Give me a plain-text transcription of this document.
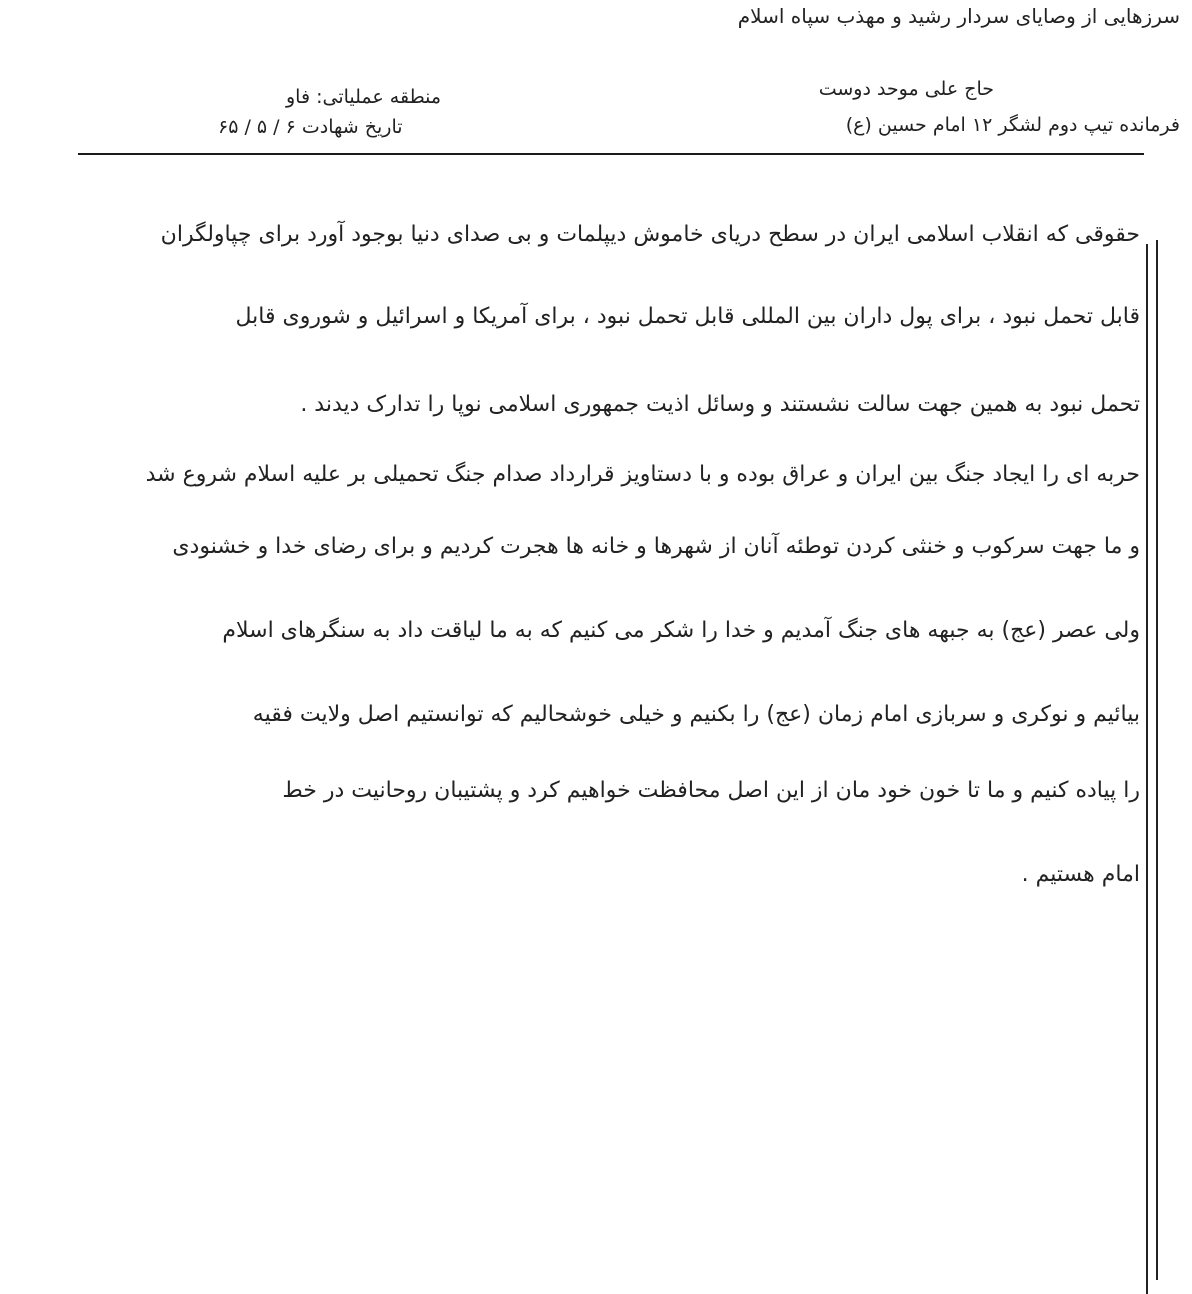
سرزهایی از وصایای سردار رشید و مهذب سپاه اسلام
حاج علی موحد دوست
فرمانده تیپ دوم لشگر ۱۲ امام حسین (ع)
منطقه عملیاتی: فاو
تاریخ شهادت ۶ / ۵ / ۶۵
حقوقی که انقلاب اسلامی ایران در سطح دریای خاموش دیپلمات و بی صدای دنیا بوجود آورد برای چپاولگران
قابل تحمل نبود ، برای پول داران بین المللی قابل تحمل نبود ، برای آمریکا و اسرائیل و شوروی قابل
تحمل نبود به همین جهت سالت نشستند و وسائل اذیت جمهوری اسلامی نوپا را تدارک دیدند .
حربه ای را ایجاد جنگ بین ایران و عراق بوده و با دستاویز قرارداد صدام جنگ تحمیلی بر علیه اسلام شروع شد
و ما جهت سرکوب و خنثی کردن توطئه آنان از شهرها و خانه ها هجرت کردیم و برای رضای خدا و خشنودی
ولی عصر (عج) به جبهه های جنگ آمدیم و خدا را شکر می کنیم که به ما لیاقت داد به سنگرهای اسلام
بیائیم و نوکری و سربازی امام زمان (عج) را بکنیم و خیلی خوشحالیم که توانستیم اصل ولایت فقیه
را پیاده کنیم و ما تا خون خود مان از این اصل محافظت خواهیم کرد و پشتیبان روحانیت در خط
امام هستیم .
